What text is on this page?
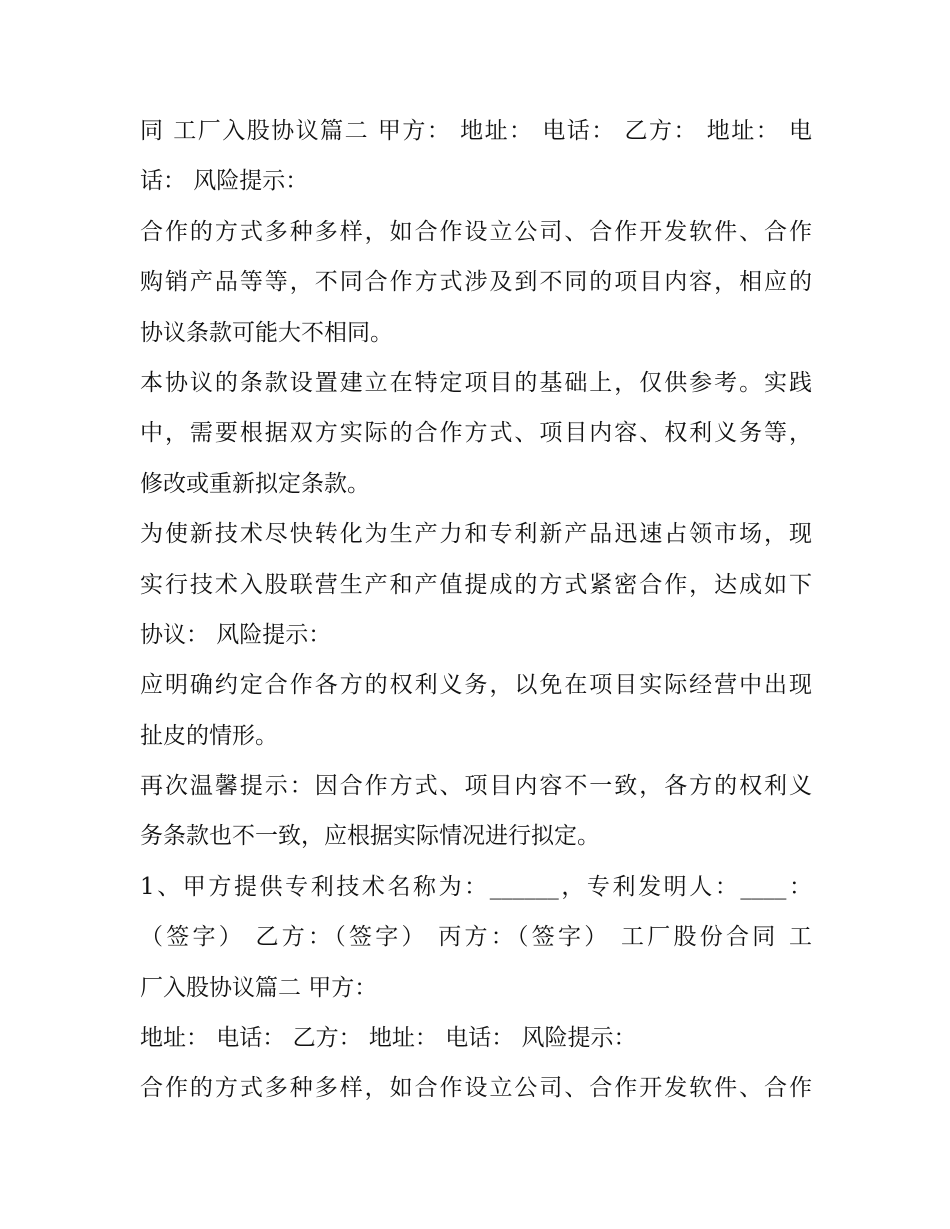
同 工厂入股协议篇二 甲方： 地址： 电话： 乙方： 地址： 电
话： 风险提示：
合作的方式多种多样，如合作设立公司、合作开发软件、合作
购销产品等等，不同合作方式涉及到不同的项目内容，相应的
协议条款可能大不相同。
本协议的条款设置建立在特定项目的基础上，仅供参考。实践
中，需要根据双方实际的合作方式、项目内容、权利义务等，
修改或重新拟定条款。
为使新技术尽快转化为生产力和专利新产品迅速占领市场，现
实行技术入股联营生产和产值提成的方式紧密合作，达成如下
协议： 风险提示：
应明确约定合作各方的权利义务，以免在项目实际经营中出现
扯皮的情形。
再次温馨提示：因合作方式、项目内容不一致，各方的权利义
务条款也不一致，应根据实际情况进行拟定。
1、甲方提供专利技术名称为：______，专利发明人：____：
（签字） 乙方：（签字） 丙方：（签字） 工厂股份合同 工
厂入股协议篇二 甲方：
地址： 电话： 乙方： 地址： 电话： 风险提示：
合作的方式多种多样，如合作设立公司、合作开发软件、合作
